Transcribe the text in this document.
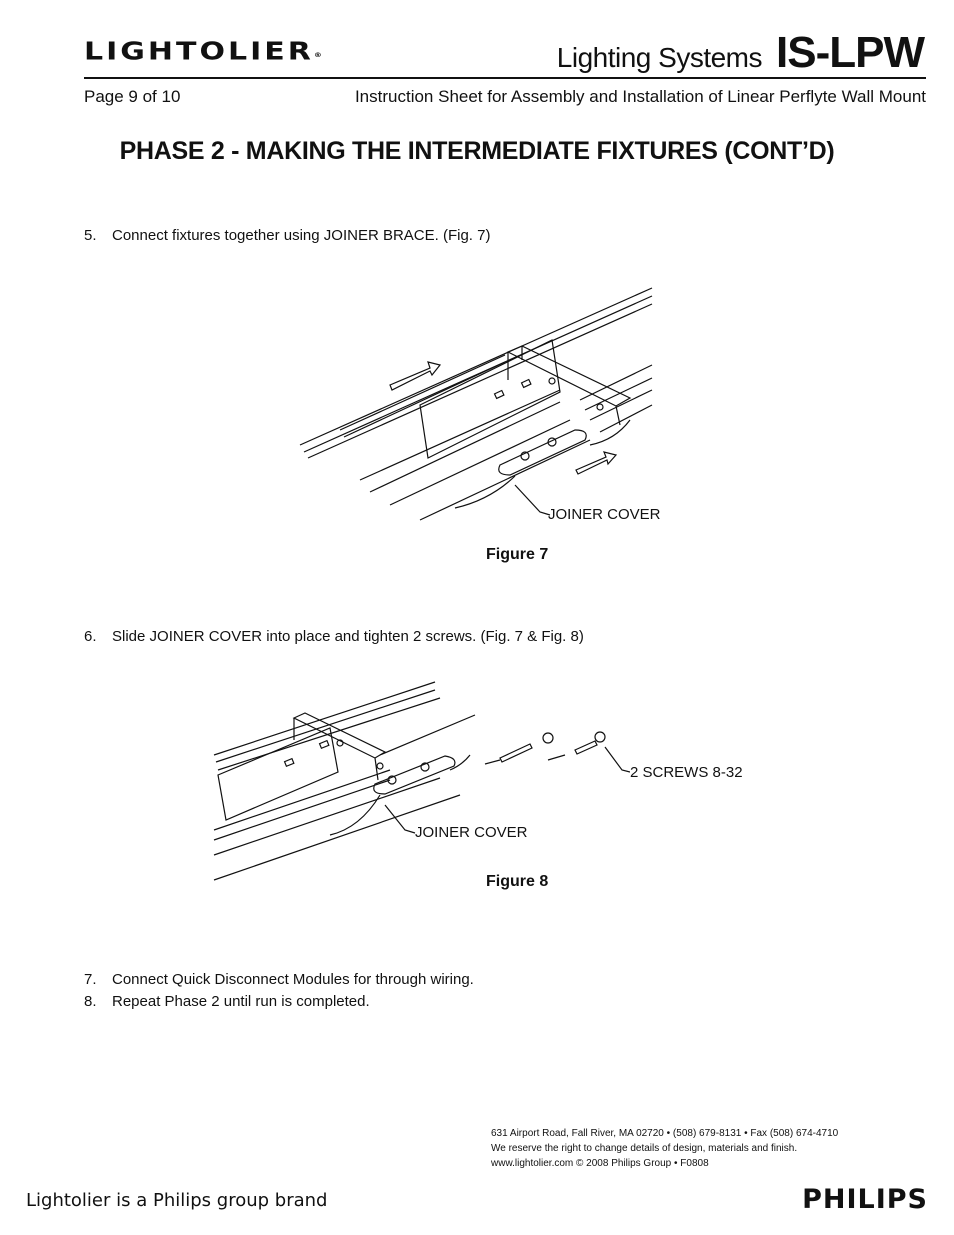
LIGHTOLIER®	Lighting Systems IS-LPW
Page 9 of 10	Instruction Sheet for Assembly and Installation of Linear Perflyte Wall Mount
PHASE 2 - MAKING THE INTERMEDIATE FIXTURES (CONT’D)
5. Connect fixtures together using JOINER BRACE. (Fig. 7)
JOINER COVER
Figure 7
6. Slide JOINER COVER into place and tighten 2 screws. (Fig. 7 & Fig. 8)
2 SCREWS 8-32
JOINER COVER
Figure 8
7. Connect Quick Disconnect Modules for through wiring.
8. Repeat Phase 2 until run is completed.
631 Airport Road, Fall River, MA 02720 • (508) 679-8131 • Fax (508) 674-4710
We reserve the right to change details of design, materials and finish.
www.lightolier.com © 2008 Philips Group • F0808
Lightolier is a Philips group brand	PHILIPS
